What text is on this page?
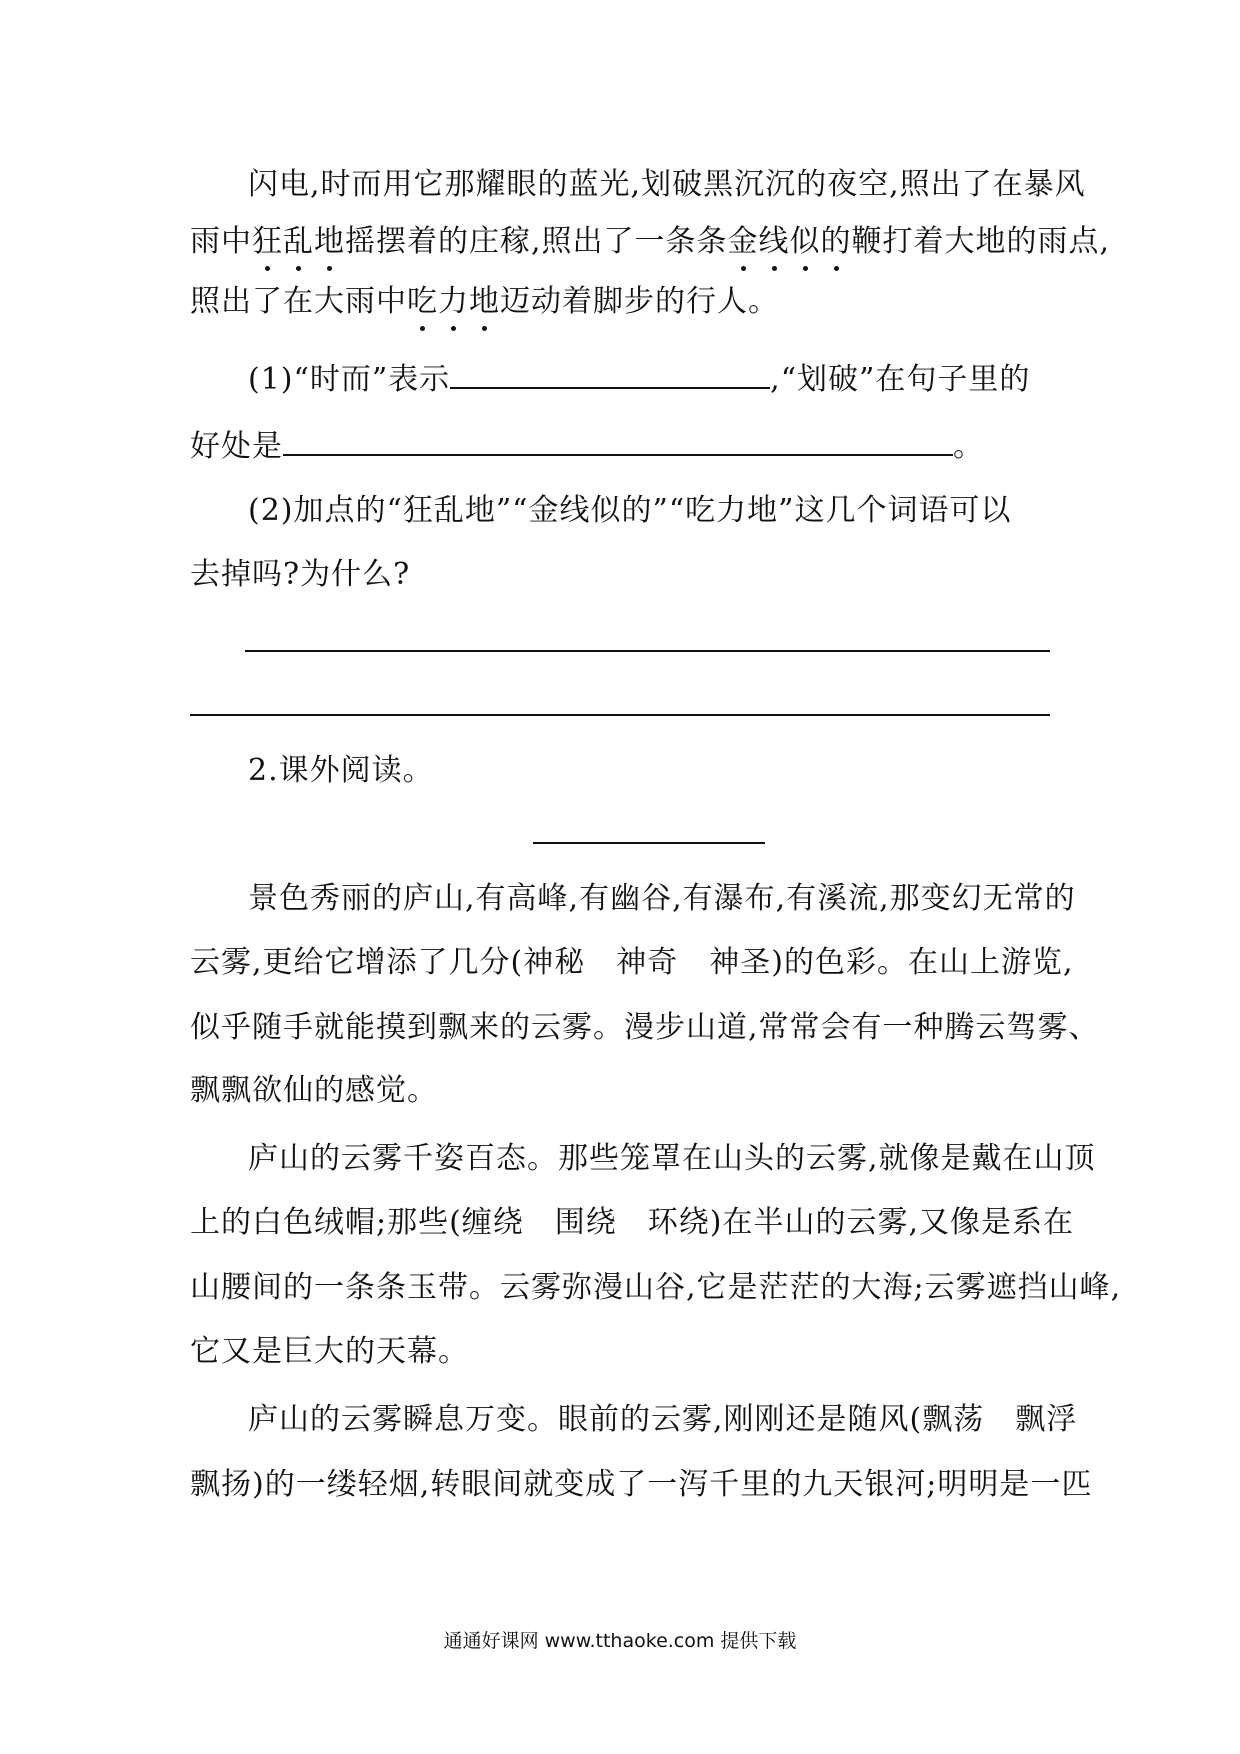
闪电,时而用它那耀眼的蓝光,划破黑沉沉的夜空,照出了在暴风
雨中狂乱地摇摆着的庄稼,照出了一条条金线似的鞭打着大地的雨点,
照出了在大雨中吃力地迈动着脚步的行人。
(1)“时而”表示	,“划破”在句子里的
好处是	。
(2)加点的“狂乱地”“金线似的”“吃力地”这几个词语可以
去掉吗?为什么?
2.课外阅读。
景色秀丽的庐山,有高峰,有幽谷,有瀑布,有溪流,那变幻无常的
云雾,更给它增添了几分(神秘　神奇　神圣)的色彩。在山上游览,
似乎随手就能摸到飘来的云雾。漫步山道,常常会有一种腾云驾雾、
飘飘欲仙的感觉。
庐山的云雾千姿百态。那些笼罩在山头的云雾,就像是戴在山顶
上的白色绒帽;那些(缠绕　围绕　环绕)在半山的云雾,又像是系在
山腰间的一条条玉带。云雾弥漫山谷,它是茫茫的大海;云雾遮挡山峰,
它又是巨大的天幕。
庐山的云雾瞬息万变。眼前的云雾,刚刚还是随风(飘荡　飘浮
飘扬)的一缕轻烟,转眼间就变成了一泻千里的九天银河;明明是一匹
通通好课网 www.tthaoke.com 提供下载
